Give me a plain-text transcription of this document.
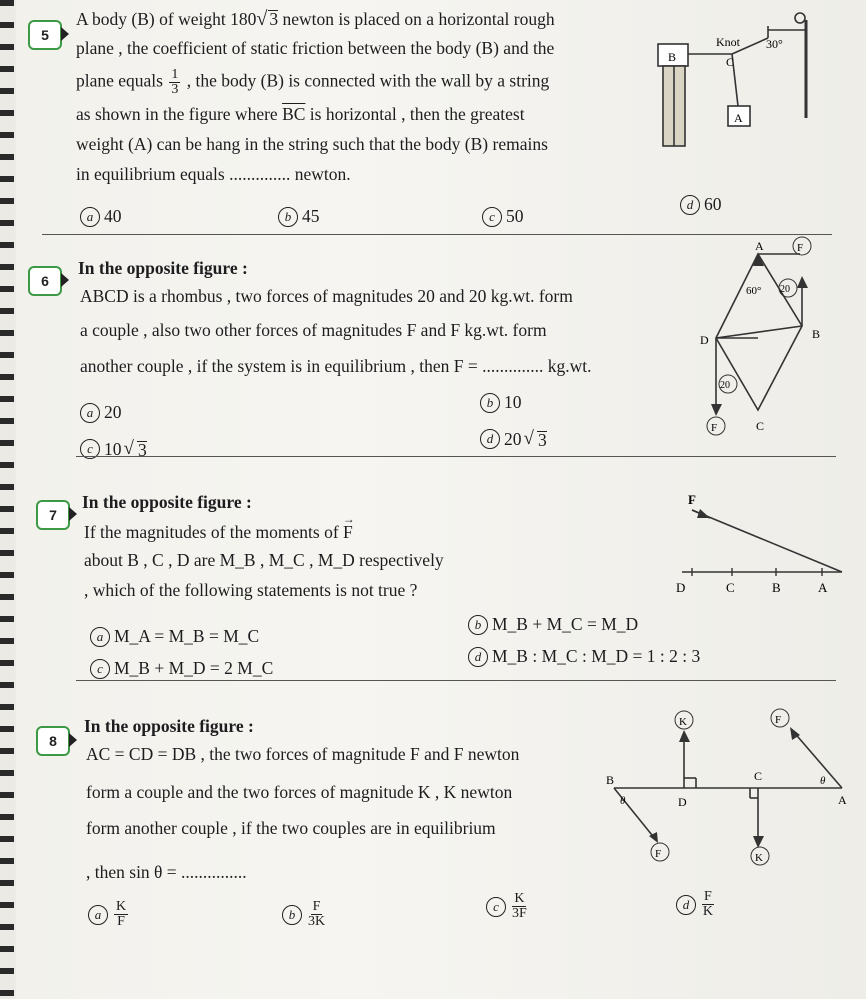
5
A body (B) of weight 180√ 3 newton is placed on a horizontal rough
plane , the coefficient of static friction between the body (B) and the
plane equals $\frac{1}{3}$ , the body (B) is connected with the wall by a string
as shown in the figure where $\overline{BC}$ is horizontal , then the greatest
weight (A) can be hang in the string such that the body (B) remains
in equilibrium equals .............. newton.
a 40	b 45	c 50
d 60
B
Knot
C
30°
A
6
In the opposite figure :
ABCD is a rhombus , two forces of magnitudes 20 and 20 kg.wt. form
a couple , also two other forces of magnitudes F and F kg.wt. form
another couple , if the system is in equilibrium , then F = .............. kg.wt.
a 20	b 10
c 10 √ 3
d 20 √ 3
A
B
C
D
F
F
60° 20
20
7
In the opposite figure :
If the magnitudes of the moments of F
→
about B , C , D are M_B , M_C , M_D respectively
, which of the following statements is not true ?
a M_A = M_B = M_C
b M_B + M_C = M_D
c M_B + M_D = 2 M_C
d M_B : M_C : M_D = 1 : 2 : 3
F
D	C	B	A
8
In the opposite figure :
AC = CD = DB , the two forces of magnitude F and F newton
form a couple and the two forces of magnitude K , K newton
form another couple , if the two couples are in equilibrium
, then sin θ = ...............
a $\frac{K}{F}$	b $\frac{F}{3K}$	c $\frac{K}{3F}$	d $\frac{F}{K}$
B
θ	D
C
A
θ
K
K
F
F
